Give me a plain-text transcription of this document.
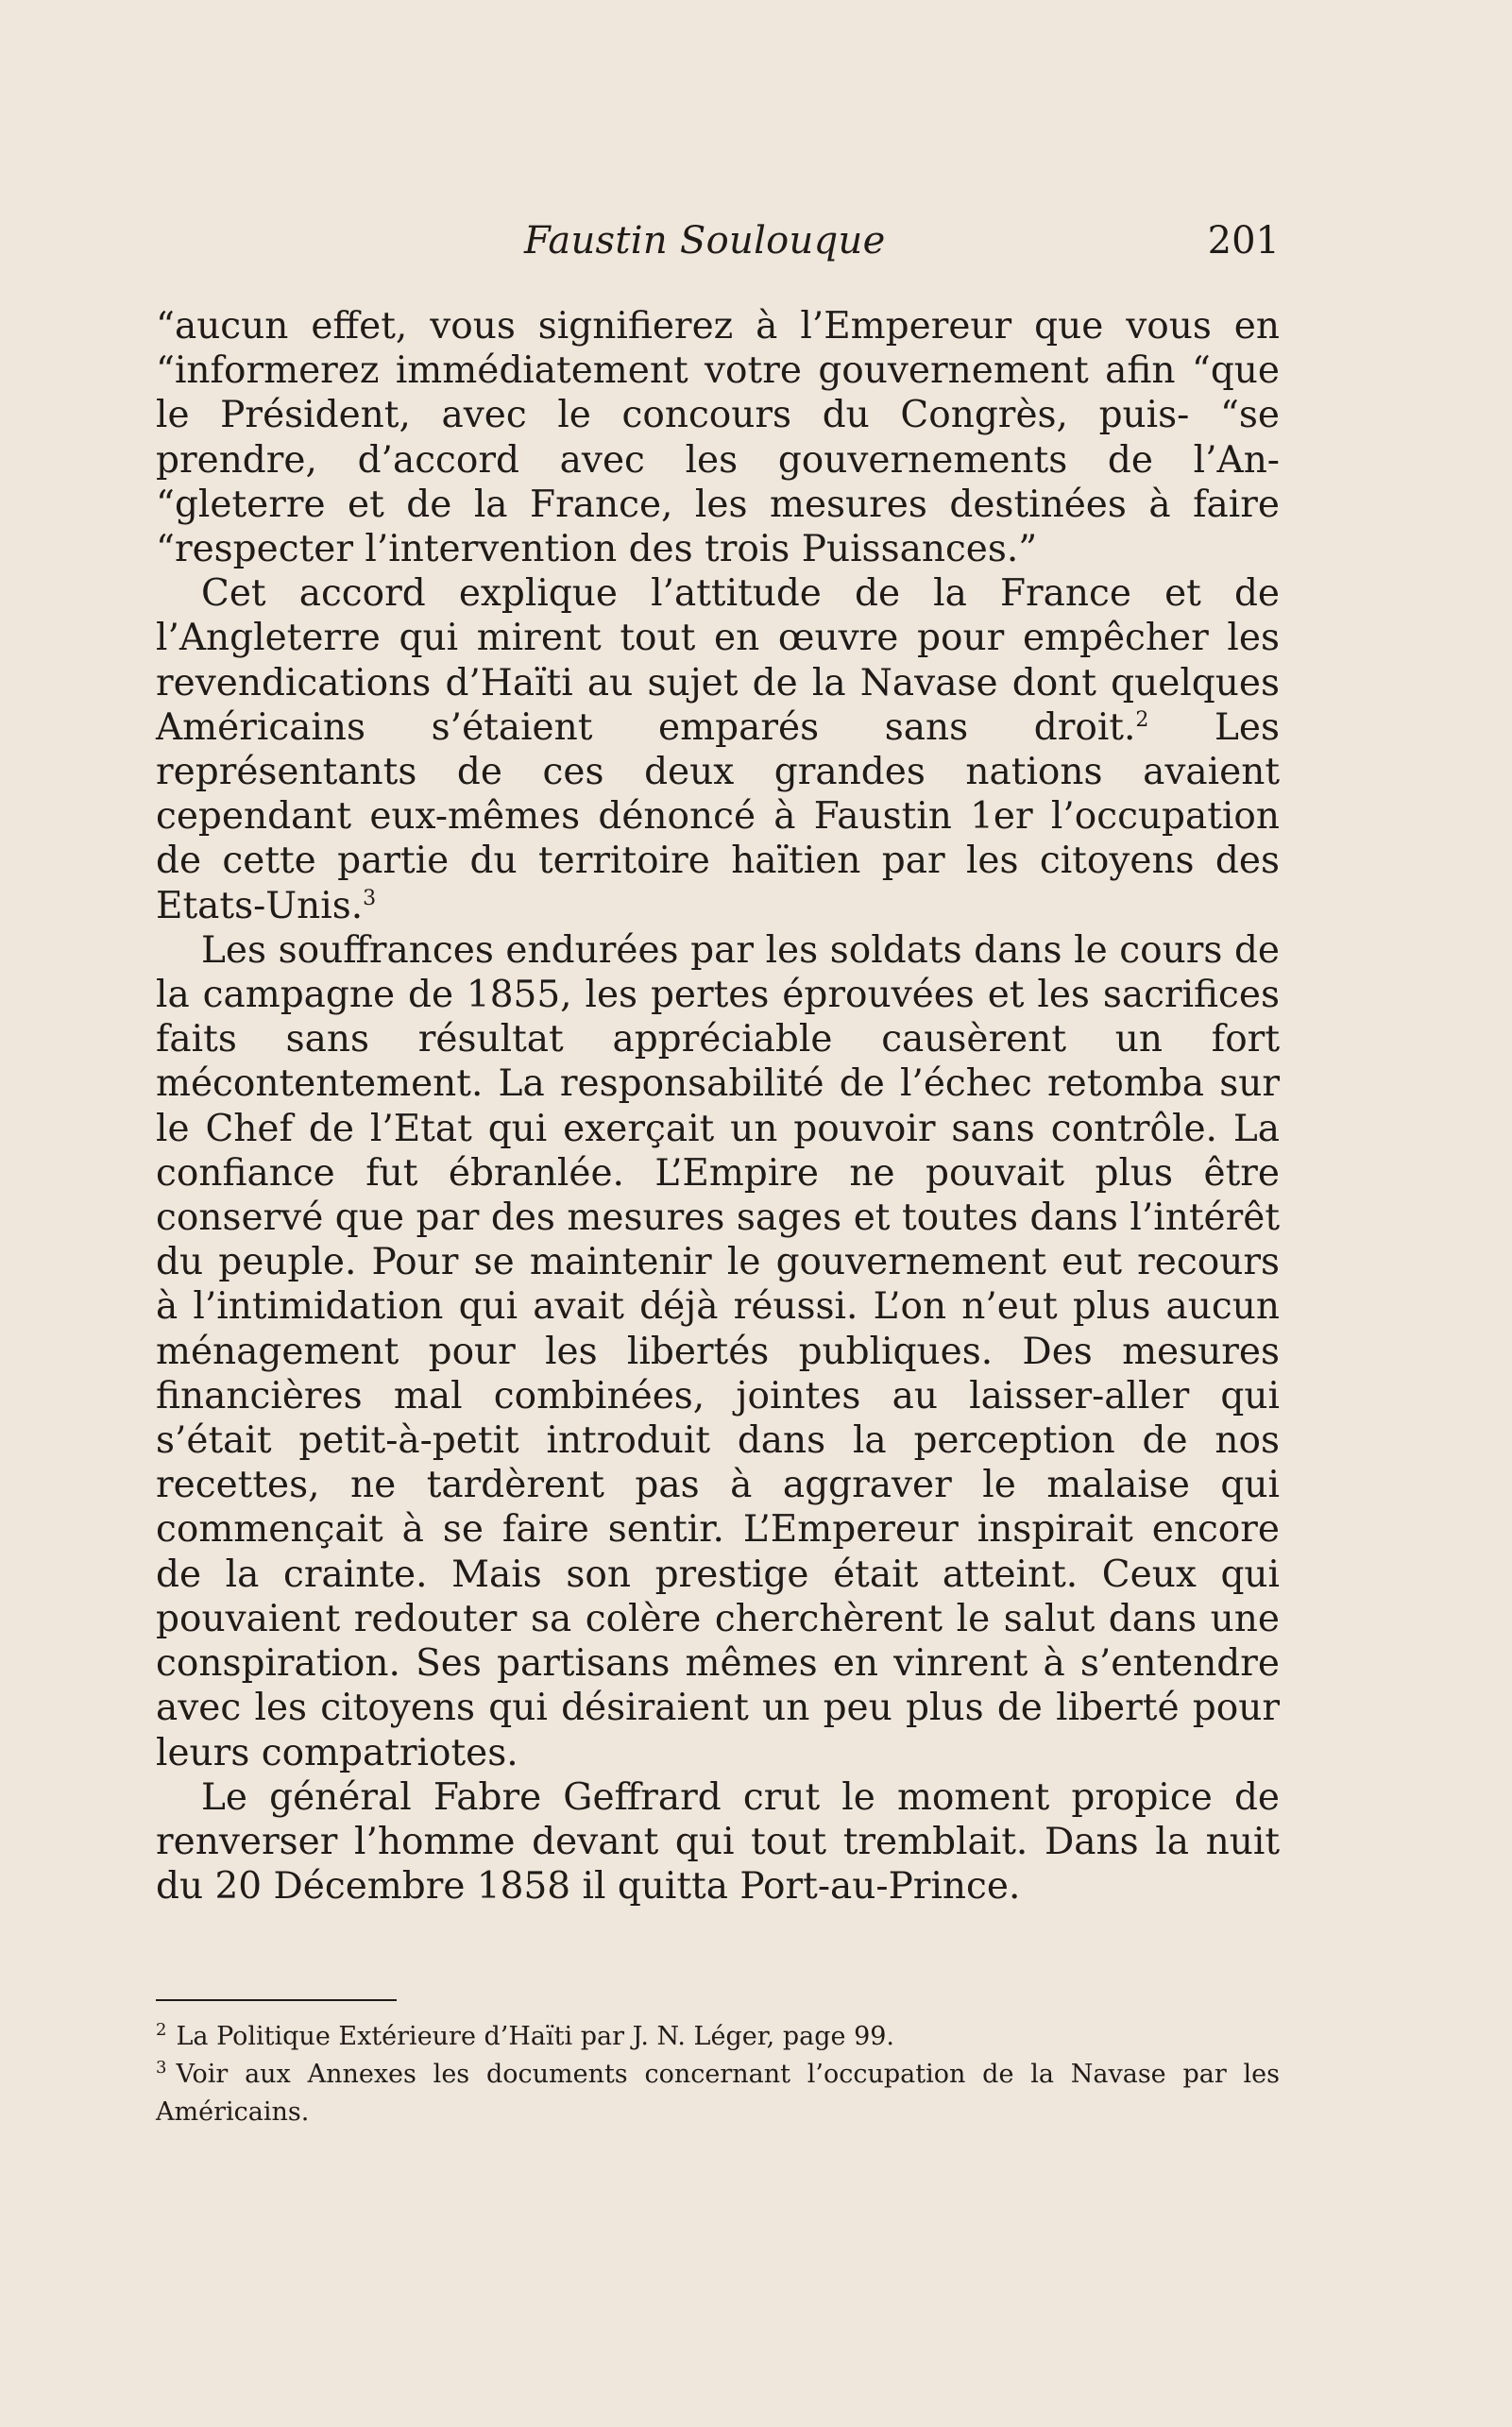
Faustin Soulouque	201

“aucun effet, vous signifierez à l’Empereur que vous en “informerez immédiatement votre gouvernement afin “que le Président, avec le concours du Congrès, puis- “se prendre, d’accord avec les gouvernements de l’An- “gleterre et de la France, les mesures destinées à faire “respecter l’intervention des trois Puissances.”

Cet accord explique l’attitude de la France et de l’Angleterre qui mirent tout en œuvre pour empêcher les revendications d’Haïti au sujet de la Navase dont quelques Américains s’étaient emparés sans droit.$^2$ Les représentants de ces deux grandes nations avaient cependant eux-mêmes dénoncé à Faustin 1er l’occupation de cette partie du territoire haïtien par les citoyens des Etats-Unis.$^3$

Les souffrances endurées par les soldats dans le cours de la campagne de 1855, les pertes éprouvées et les sacrifices faits sans résultat appréciable causèrent un fort mécontentement. La responsabilité de l’échec retomba sur le Chef de l’Etat qui exerçait un pouvoir sans contrôle. La confiance fut ébranlée. L’Empire ne pouvait plus être conservé que par des mesures sages et toutes dans l’intérêt du peuple. Pour se maintenir le gouvernement eut recours à l’intimidation qui avait déjà réussi. L’on n’eut plus aucun ménagement pour les libertés publiques. Des mesures financières mal combinées, jointes au laisser-aller qui s’était petit-à-petit introduit dans la perception de nos recettes, ne tardèrent pas à aggraver le malaise qui commençait à se faire sentir. L’Empereur inspirait encore de la crainte. Mais son prestige était atteint. Ceux qui pouvaient redouter sa colère cherchèrent le salut dans une conspiration. Ses partisans mêmes en vinrent à s’entendre avec les citoyens qui désiraient un peu plus de liberté pour leurs compatriotes.

Le général Fabre Geffrard crut le moment propice de renverser l’homme devant qui tout tremblait. Dans la nuit du 20 Décembre 1858 il quitta Port-au-Prince.

$^2$ La Politique Extérieure d’Haïti par J. N. Léger, page 99.

$^3$ Voir aux Annexes les documents concernant l’occupation de la Navase par les Américains.
